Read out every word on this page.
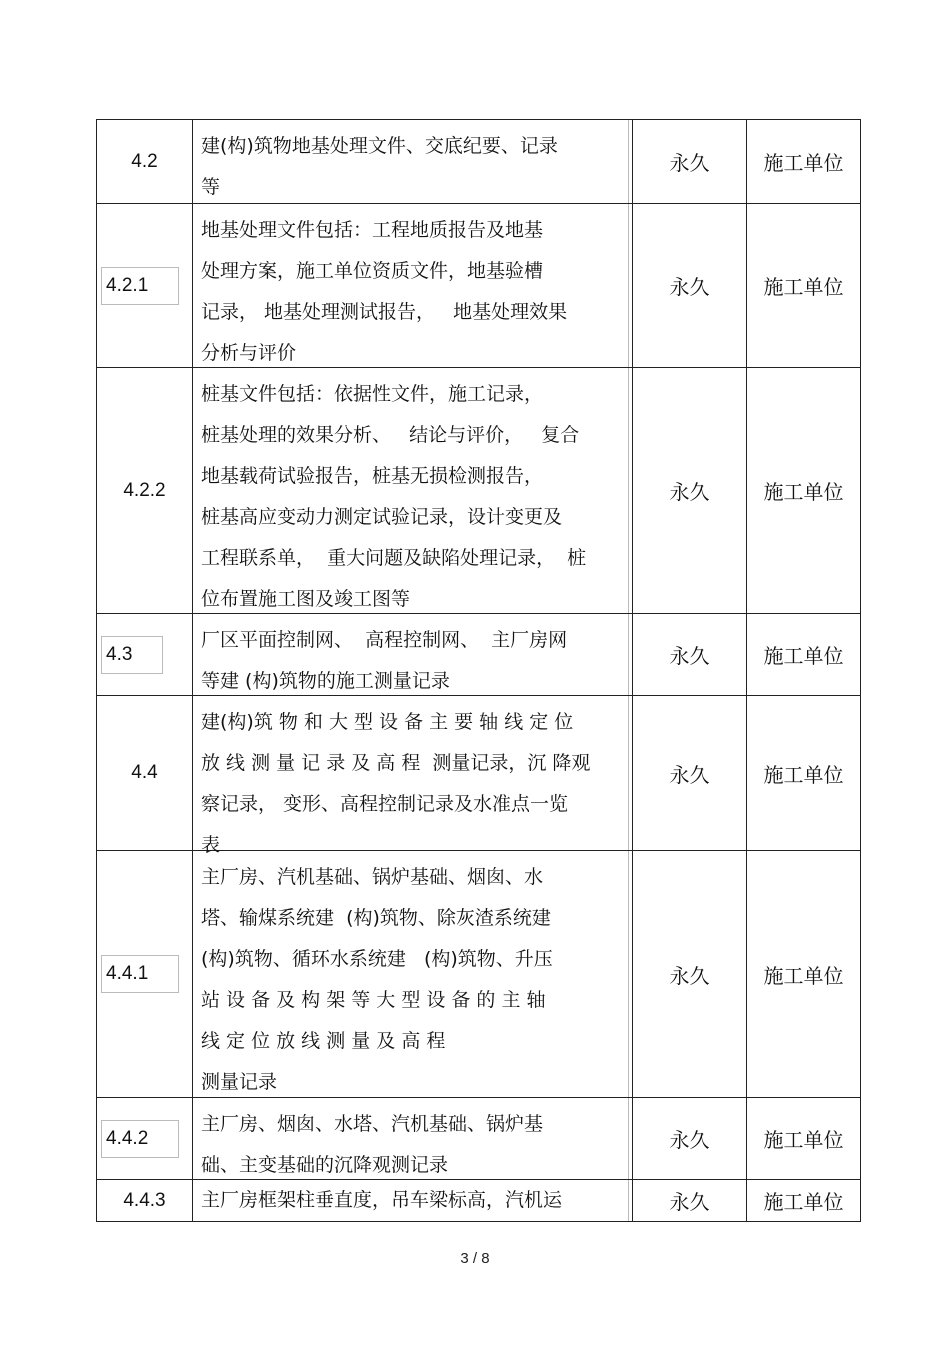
4.2
建(构)筑物地基处理文件、交底纪要、记录
等
永久	施工单位
4.2.1
地基处理文件包括：工程地质报告及地基
处理方案，施工单位资质文件，地基验槽
记录， 地基处理测试报告，   地基处理效果
分析与评价
永久	施工单位
4.2.2
桩基文件包括：依据性文件，施工记录，
桩基处理的效果分析、   结论与评价，   复合
地基载荷试验报告，桩基无损检测报告，
桩基高应变动力测定试验记录，设计变更及
工程联系单，  重大问题及缺陷处理记录，  桩
位布置施工图及竣工图等
永久	施工单位
4.3
厂区平面控制网、  高程控制网、  主厂房网
等建 (构)筑物的施工测量记录
永久	施工单位
4.4
建(构)筑 物 和 大 型 设 备 主 要 轴 线 定 位
放 线 测 量 记 录 及 高 程  测量记录，沉 降观
察记录， 变形、高程控制记录及水准点一览
表
永久	施工单位
4.4.1
主厂房、汽机基础、锅炉基础、烟囱、水
塔、输煤系统建  (构)筑物、除灰渣系统建
(构)筑物、循环水系统建   (构)筑物、升压
站 设 备 及 构 架 等 大 型 设 备 的 主 轴
线 定 位 放 线 测 量 及 高 程
测量记录
永久	施工单位
4.4.2
主厂房、烟囱、水塔、汽机基础、锅炉基
础、主变基础的沉降观测记录
永久	施工单位
4.4.3 主厂房框架柱垂直度，吊车梁标高，汽机运	永久	施工单位
3 / 8
